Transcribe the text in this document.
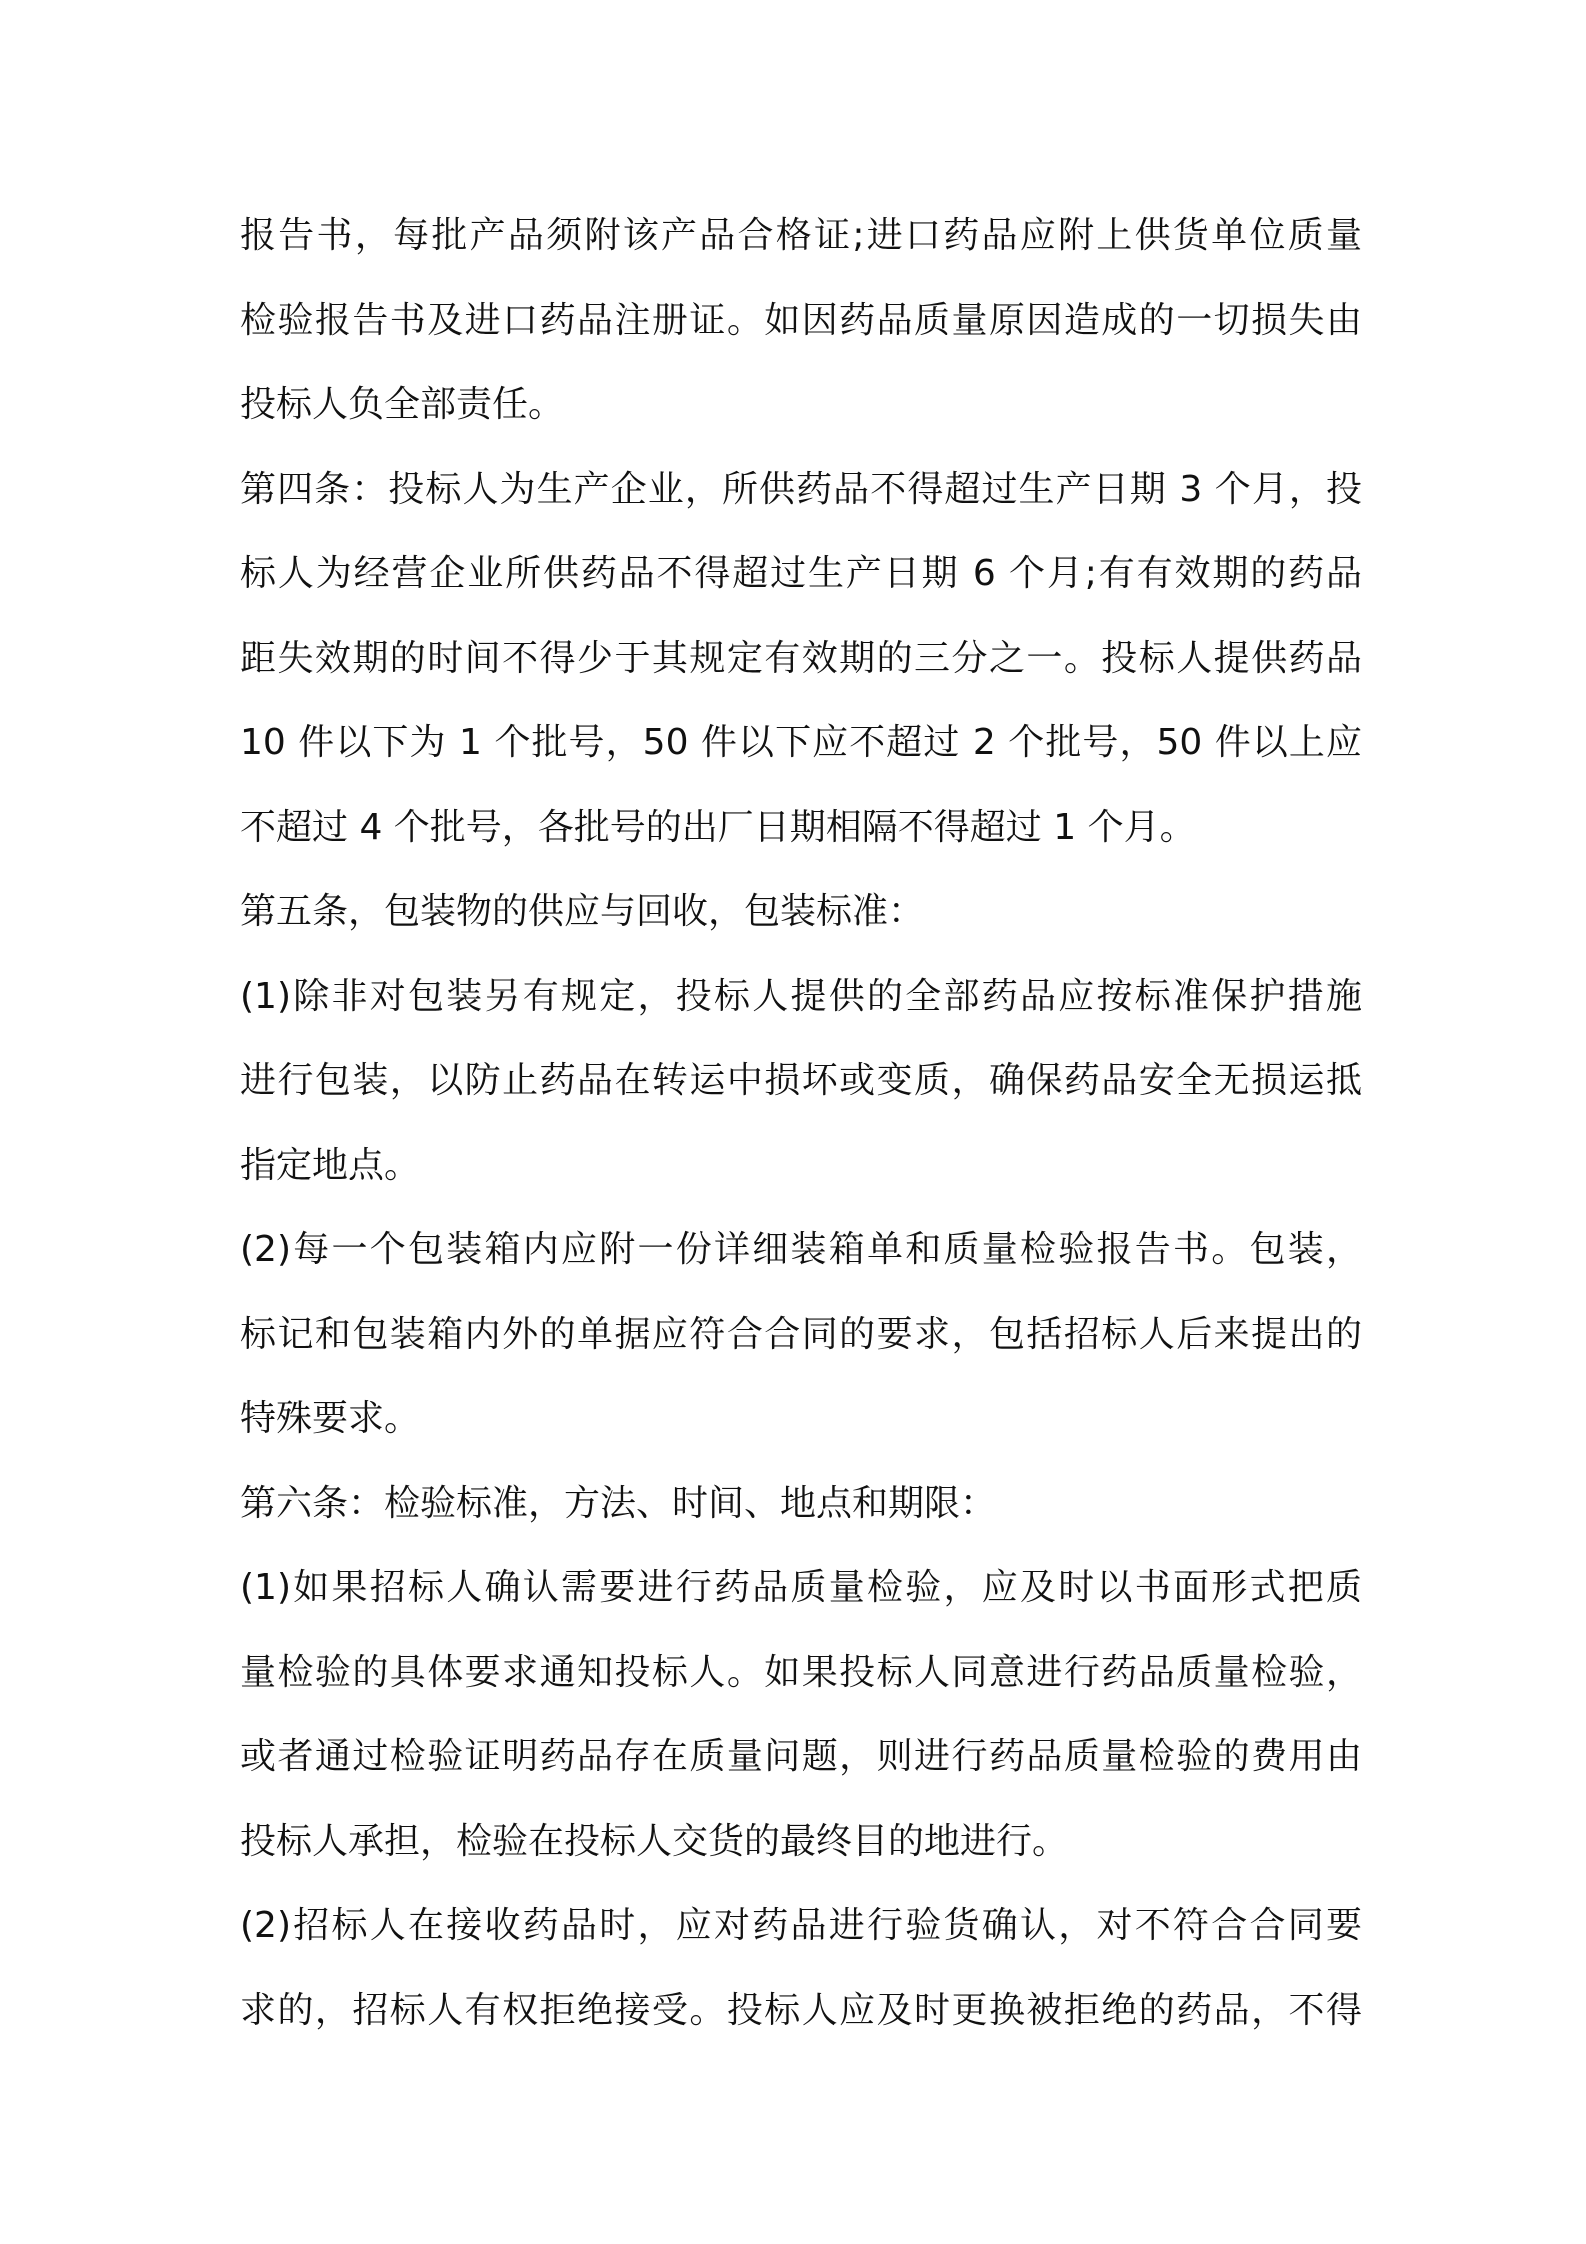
报告书，每批产品须附该产品合格证;进口药品应附上供货单位质量
检验报告书及进口药品注册证。如因药品质量原因造成的一切损失由
投标人负全部责任。
第四条：投标人为生产企业，所供药品不得超过生产日期 3 个月，投
标人为经营企业所供药品不得超过生产日期 6 个月;有有效期的药品
距失效期的时间不得少于其规定有效期的三分之一。投标人提供药品
10 件以下为 1 个批号，50 件以下应不超过 2 个批号，50 件以上应
不超过 4 个批号，各批号的出厂日期相隔不得超过 1 个月。
第五条，包装物的供应与回收，包装标准：
(1)除非对包装另有规定，投标人提供的全部药品应按标准保护措施
进行包装，以防止药品在转运中损坏或变质，确保药品安全无损运抵
指定地点。
(2)每一个包装箱内应附一份详细装箱单和质量检验报告书。包装，
标记和包装箱内外的单据应符合合同的要求，包括招标人后来提出的
特殊要求。
第六条：检验标准，方法、时间、地点和期限：
(1)如果招标人确认需要进行药品质量检验，应及时以书面形式把质
量检验的具体要求通知投标人。如果投标人同意进行药品质量检验，
或者通过检验证明药品存在质量问题，则进行药品质量检验的费用由
投标人承担，检验在投标人交货的最终目的地进行。
(2)招标人在接收药品时，应对药品进行验货确认，对不符合合同要
求的，招标人有权拒绝接受。投标人应及时更换被拒绝的药品，不得
